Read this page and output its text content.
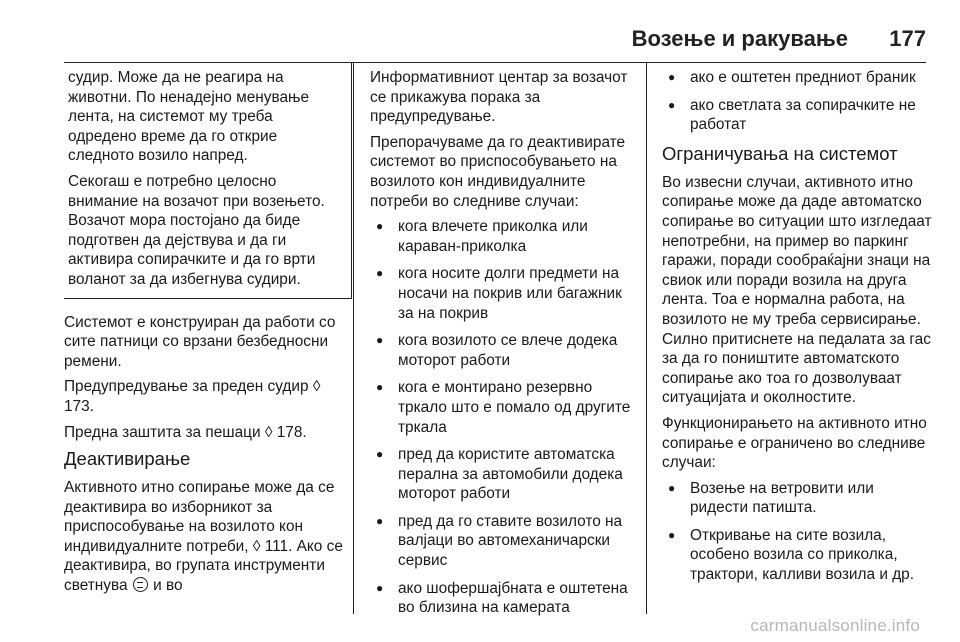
Возење и ракување 177

судир. Може да не реагира на животни. По ненадејно менување лента, на системот му треба одредено време да го открие следното возило напред.

Секогаш е потребно целосно внимание на возачот при возењето. Возачот мора постојано да биде подготвен да дејствува и да ги активира сопирачките и да го врти воланот за да избегнува судири.

Системот е конструиран да работи со сите патници со врзани безбедносни ремени.

Предупредување за преден судир ◊ 173.

Предна заштита за пешаци ◊ 178.

Деактивирање

Активното итно сопирање може да се деактивира во изборникот за приспособување на возилото кон индивидуалните потреби, ◊ 111. Ако се деактивира, во групата инструменти светнува  и во

Информативниот центар за возачот се прикажува порака за предупредување.

Препорачуваме да го деактивирате системот во приспособувањето на возилото кон индивидуалните потреби во следниве случаи:

● кога влечете приколка или караван-приколка
● кога носите долги предмети на носачи на покрив или багажник за на покрив
● кога возилото се влече додека моторот работи
● кога е монтирано резервно тркало што е помало од другите тркала
● пред да користите автоматска перална за автомобили додека моторот работи
● пред да го ставите возилото на валјаци во автомеханичарски сервис
● ако шофершајбната е оштетена во близина на камерата
● ако е оштетен предниот браник
● ако светлата за сопирачките не работат
Ограничувања на системот

Во извесни случаи, активното итно сопирање може да даде автоматско сопирање во ситуации што изгледаат непотребни, на пример во паркинг гаражи, поради сообраќајни знаци на свиок или поради возила на друга лента. Тоа е нормална работа, на возилото не му треба сервисирање. Силно притиснете на педалата за гас за да го поништите автоматското сопирање ако тоа го дозволуваат ситуацијата и околностите.

Функционирањето на активното итно сопирање е ограничено во следниве случаи:

● Возење на ветровити или ридести патишта.
● Откривање на сите возила, особено возила со приколка, трактори, калливи возила и др.
carmanualsonline.info
